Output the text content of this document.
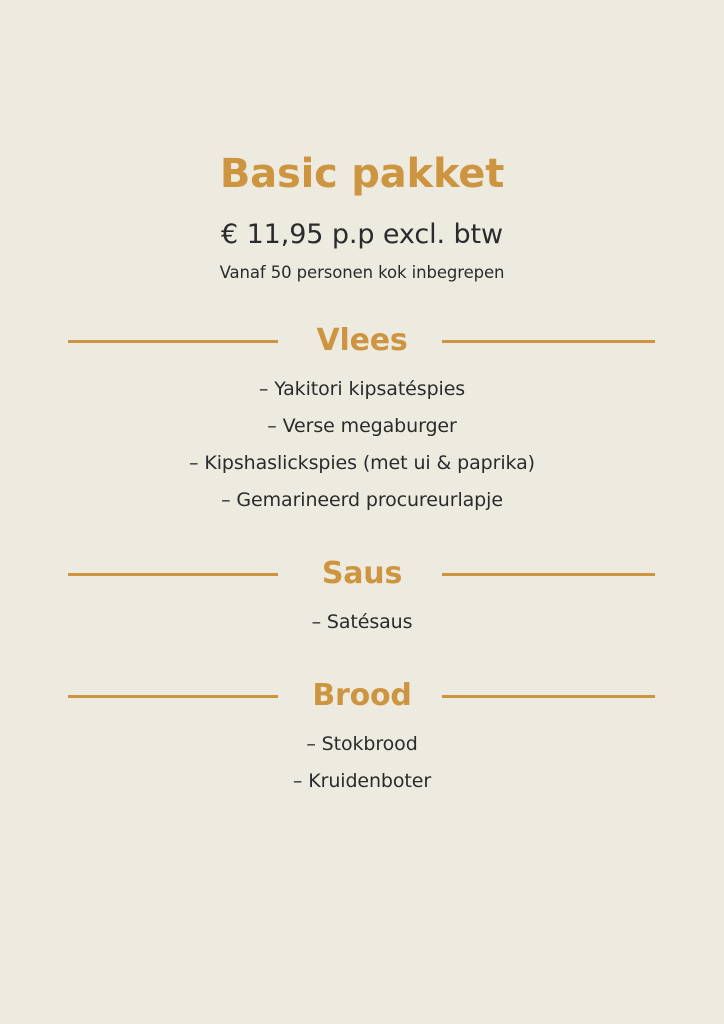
Basic pakket

€ 11,95 p.p excl. btw

Vanaf 50 personen kok inbegrepen

Vlees
– Yakitori kipsatéspies
– Verse megaburger
– Kipshaslickspies (met ui & paprika)
– Gemarineerd procureurlapje
Saus
– Satésaus
Brood
– Stokbrood
– Kruidenboter
